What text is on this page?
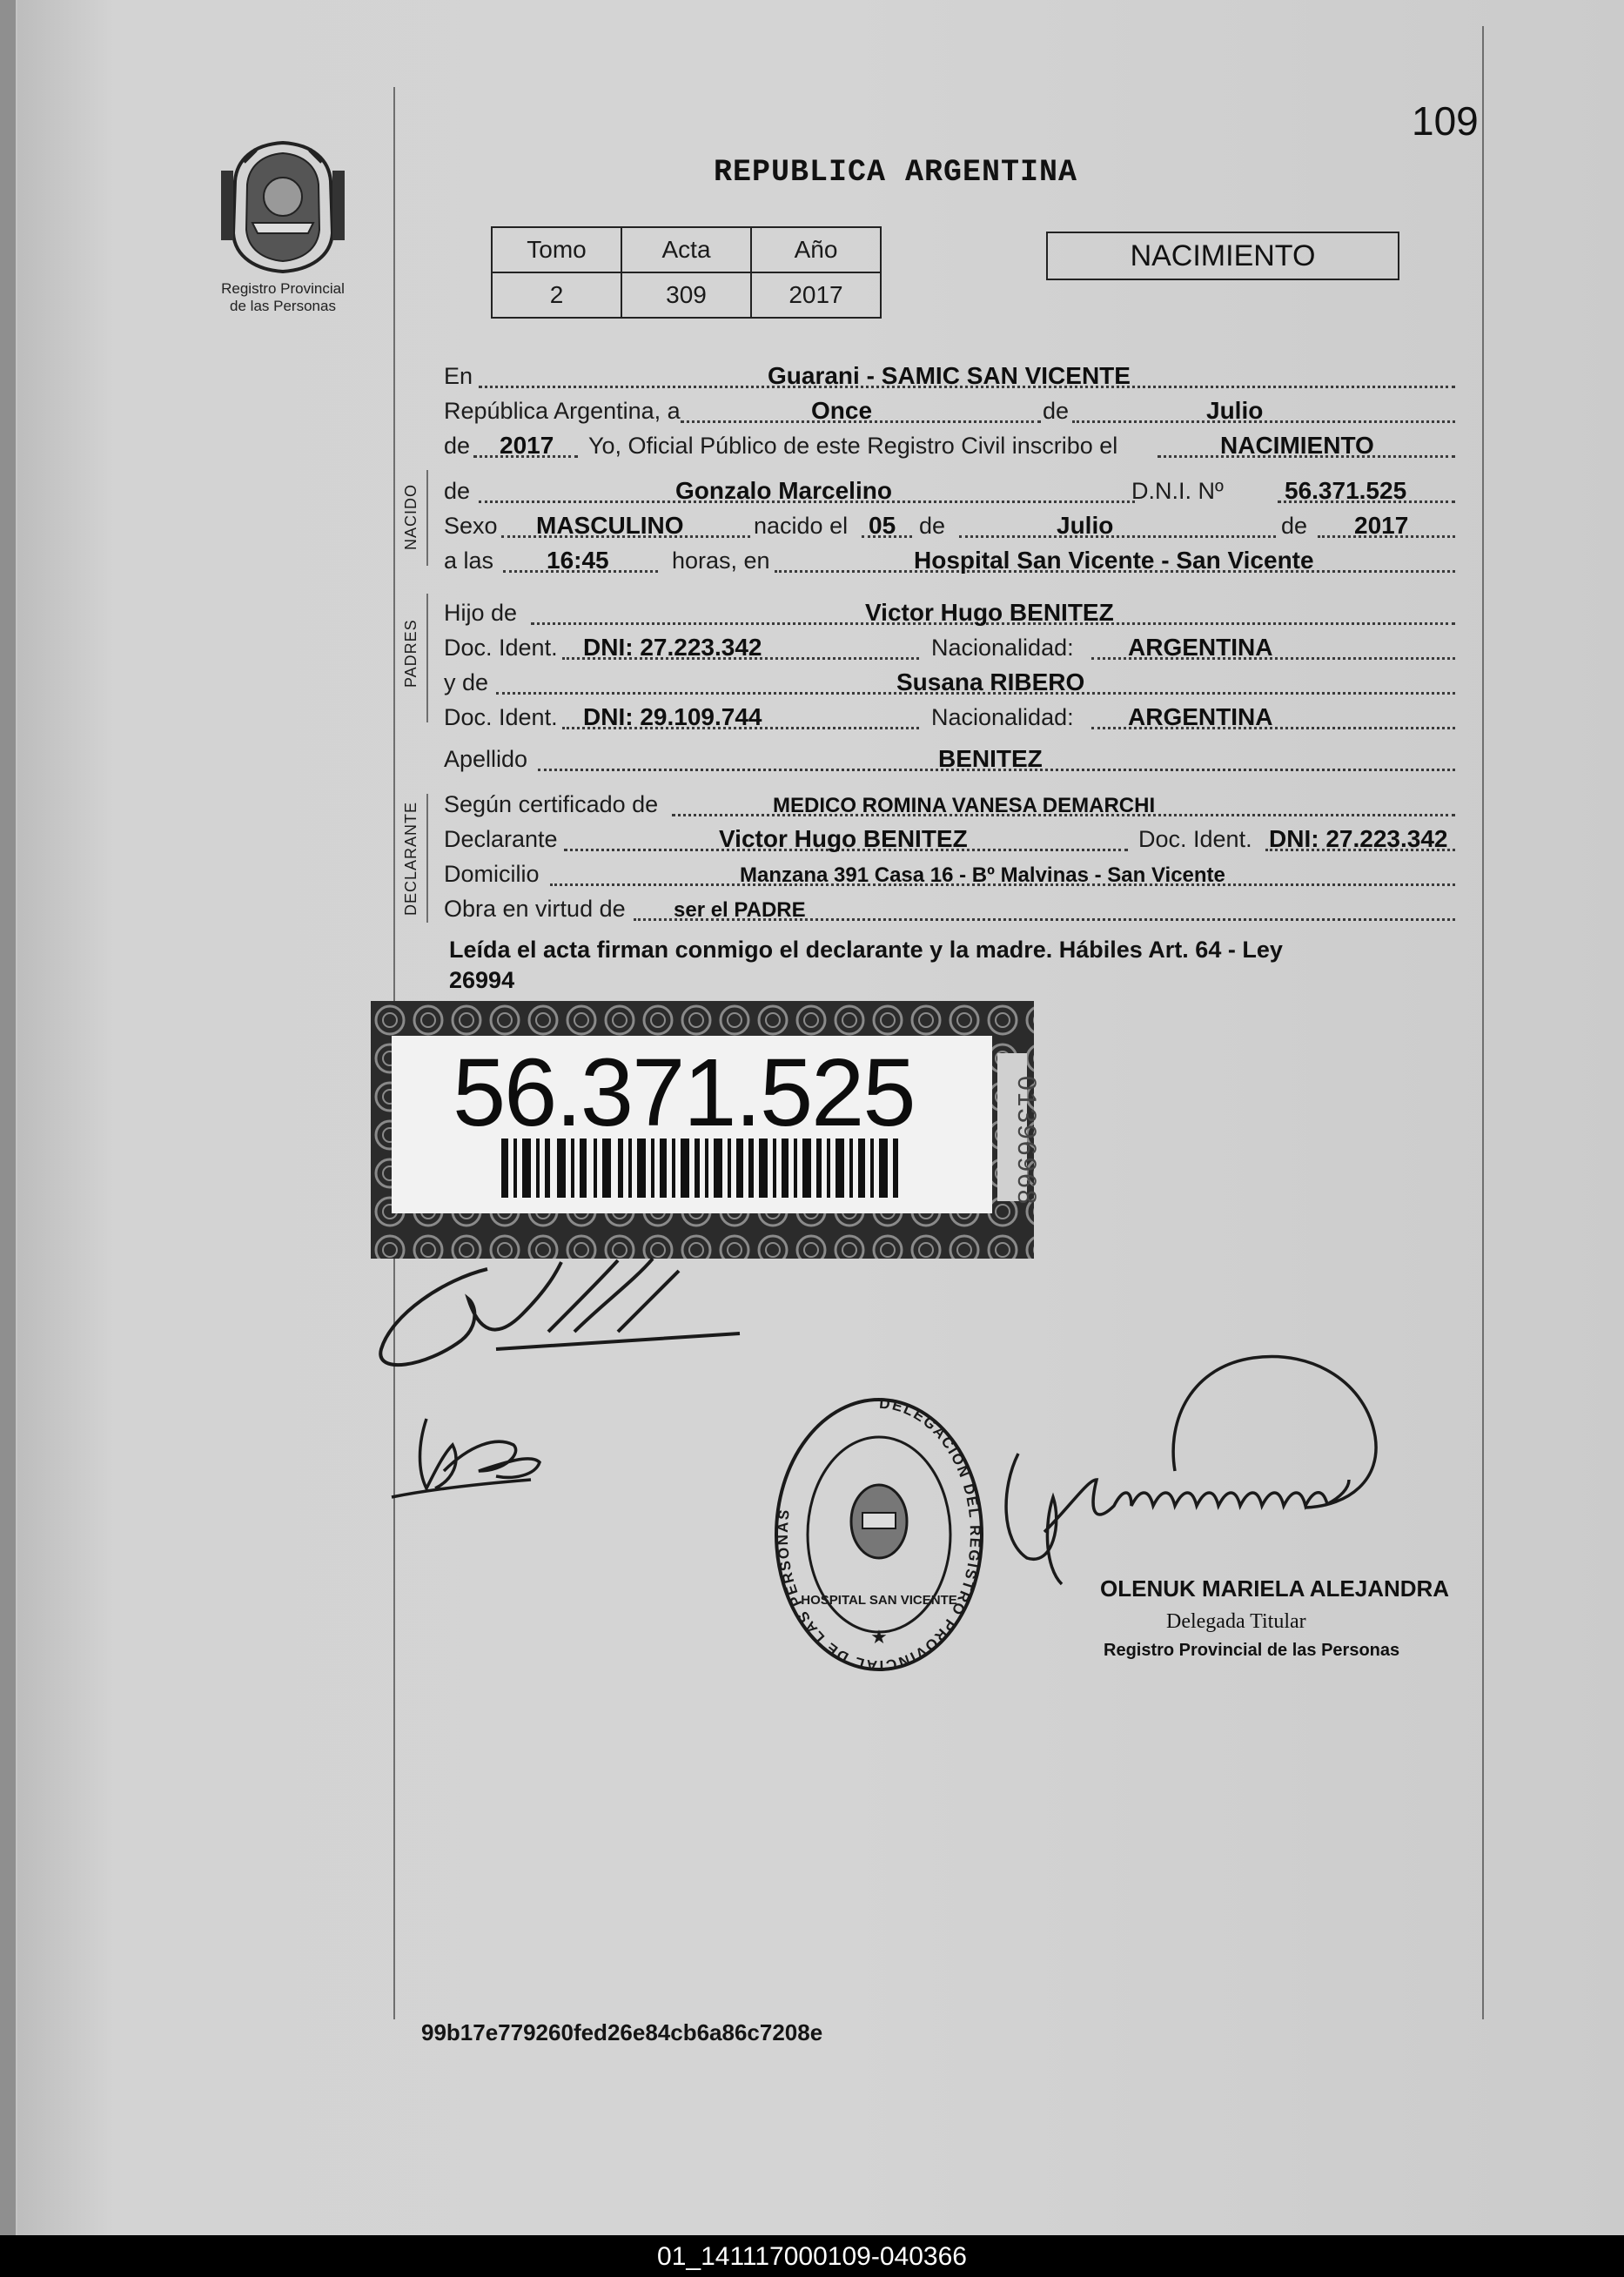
109
Registro Provincial
de las Personas
REPUBLICA ARGENTINA
Tomo	Acta	Año
2	309	2017
NACIMIENTO
En	Guarani - SAMIC SAN VICENTE
República Argentina, a	Once	de	Julio
de 2017 Yo, Oficial Público de este Registro Civil inscribo el	NACIMIENTO
NACIDO de	Gonzalo Marcelino	D.N.I. Nº	56.371.525
Sexo MASCULINO	nacido el 05 de	Julio	de 2017
a las 16:45	horas, en	Hospital San Vicente - San Vicente
PADRES
Hijo de	Victor Hugo BENITEZ
Doc. Ident. DNI: 27.223.342	Nacionalidad: ARGENTINA
y de	Susana RIBERO
Doc. Ident. DNI: 29.109.744	Nacionalidad: ARGENTINA
Apellido	BENITEZ
DECLARANTE Según certificado de	MEDICO ROMINA VANESA DEMARCHI
Declarante	Victor Hugo BENITEZ	Doc. Ident. DNI: 27.223.342
Domicilio	Manzana 391 Casa 16 - Bº Malvinas - San Vicente
Obra en virtud de ser el PADRE
Leída el acta firman conmigo el declarante y la madre. Hábiles Art. 64 - Ley
26994
56.371.525	01396968
DELEGACION DEL REGISTRO PROVINCIAL DE LAS PERSONAS
HOSPITAL SAN VICENTE
★
OLENUK MARIELA ALEJANDRA
Delegada Titular
Registro Provincial de las Personas
99b17e779260fed26e84cb6a86c7208e
01_141117000109-040366
